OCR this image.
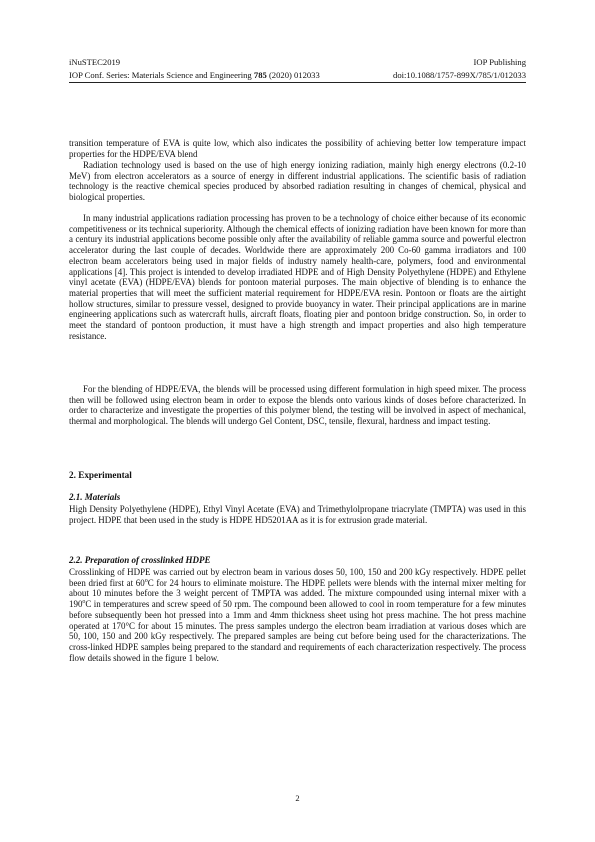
iNuSTEC2019	IOP Publishing
IOP Conf. Series: Materials Science and Engineering 785 (2020) 012033	doi:10.1088/1757-899X/785/1/012033

transition temperature of EVA is quite low, which also indicates the possibility of achieving better low temperature impact properties for the HDPE/EVA blend

Radiation technology used is based on the use of high energy ionizing radiation, mainly high energy electrons (0.2-10 MeV) from electron accelerators as a source of energy in different industrial applications. The scientific basis of radiation technology is the reactive chemical species produced by absorbed radiation resulting in changes of chemical, physical and biological properties.

In many industrial applications radiation processing has proven to be a technology of choice either because of its economic competitiveness or its technical superiority. Although the chemical effects of ionizing radiation have been known for more than a century its industrial applications become possible only after the availability of reliable gamma source and powerful electron accelerator during the last couple of decades. Worldwide there are approximately 200 Co-60 gamma irradiators and 100 electron beam accelerators being used in major fields of industry namely health-care, polymers, food and environmental applications [4]. This project is intended to develop irradiated HDPE and of High Density Polyethylene (HDPE) and Ethylene vinyl acetate (EVA) (HDPE/EVA) blends for pontoon material purposes. The main objective of blending is to enhance the material properties that will meet the sufficient material requirement for HDPE/EVA resin. Pontoon or floats are the airtight hollow structures, similar to pressure vessel, designed to provide buoyancy in water. Their principal applications are in marine engineering applications such as watercraft hulls, aircraft floats, floating pier and pontoon bridge construction. So, in order to meet the standard of pontoon production, it must have a high strength and impact properties and also high temperature resistance.

For the blending of HDPE/EVA, the blends will be processed using different formulation in high speed mixer. The process then will be followed using electron beam in order to expose the blends onto various kinds of doses before characterized. In order to characterize and investigate the properties of this polymer blend, the testing will be involved in aspect of mechanical, thermal and morphological. The blends will undergo Gel Content, DSC, tensile, flexural, hardness and impact testing.

2. Experimental
2.1. Materials

High Density Polyethylene (HDPE), Ethyl Vinyl Acetate (EVA) and Trimethylolpropane triacrylate (TMPTA) was used in this project. HDPE that been used in the study is HDPE HD5201AA as it is for extrusion grade material.

2.2. Preparation of crosslinked HDPE

Crosslinking of HDPE was carried out by electron beam in various doses 50, 100, 150 and 200 kGy respectively. HDPE pellet been dried first at 60$^o$C for 24 hours to eliminate moisture. The HDPE pellets were blends with the internal mixer melting for about 10 minutes before the 3 weight percent of TMPTA was added. The mixture compounded using internal mixer with a 190$^o$C in temperatures and screw speed of 50 rpm. The compound been allowed to cool in room temperature for a few minutes before subsequently been hot pressed into a 1mm and 4mm thickness sheet using hot press machine. The hot press machine operated at 170°C for about 15 minutes. The press samples undergo the electron beam irradiation at various doses which are 50, 100, 150 and 200 kGy respectively. The prepared samples are being cut before being used for the characterizations. The cross-linked HDPE samples being prepared to the standard and requirements of each characterization respectively. The process flow details showed in the figure 1 below.

2
